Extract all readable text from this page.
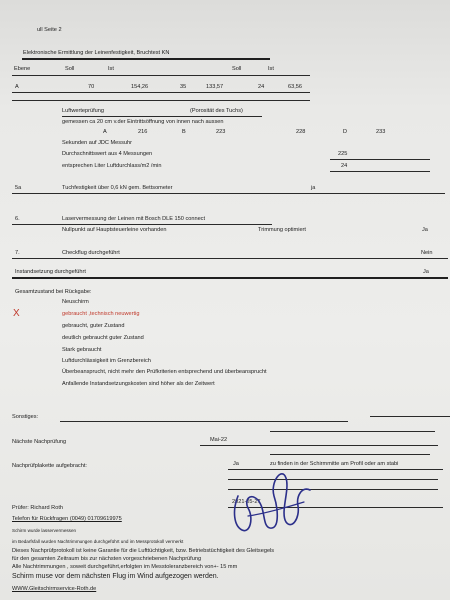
ull Seite 2
Elektronische Ermittlung der Leinenfestigkeit, Bruchtest KN
Ebene	Soll	Ist	Soll	Ist
A	70	154,26	35	133,57	24	63,56
Luftwerteprüfung	(Porosität des Tuchs)
gemessen ca 20 cm v.der Eintrittsöffnung von innen nach aussen
A	216	B	223	228	D	233
Sekunden auf JDC Messuhr
Durchschnittswert aus 4 Messungen	225
entsprechen Liter Luftdurchlass/m2 /min	24
5a	Tuchfestigkeit über 0,6 kN gem. Bettsometer	ja
6.	Laservermessung der Leinen mit Bosch DLE 150 connect
Nullpunkt auf Hauptsteuerleine vorhanden	Trimmung optimiert	Ja
7.	Checkflug durchgeführt	Nein
Instandsetzung durchgeführt	Ja
Gesamtzustand bei Rückgabe:
Neuschirm
X	gebraucht ,technisch neuwertig
gebraucht, guter Zustand
deutlich gebraucht guter Zustand
Stark gebraucht
Luftdurchlässigkeit im Grenzbereich
Überbeansprucht, nicht mehr den Prüfkriterien entsprechend und überbeansprucht
Anfallende Instandsetzungskosten sind höher als der Zeitwert
Sonstiges:
Nächste Nachprüfung	Mai-22
Nachprüfplakette aufgebracht:	Ja	zu finden in der Schirmmitte am Profil oder am stabi
2021-05-27
Prüfer: Richard Roth
Telefon für Rückfragen (0049) 01709619975
Schirm wurde lasservermessen
im Bedarfsfall wurden Nachtrimmungen durchgeführt und im Messprotokoll vermerkt
Dieses Nachprüfprotokoll ist keine Garantie für die Lufttüchtigkeit, bzw. Betriebstüchtigkeit des Gleitsegels
für den gesamten Zeitraum bis zur nächsten vorgeschriebenen Nachprüfung
Alle Nachtrimmungen , soweit durchgeführt,erfolgten im Messtoleranzbereich von+- 15 mm
Schirm muse vor dem nächsten Flug im Wind aufgezogen werden.
WWW.Gleitschirmservice-Roth.de
